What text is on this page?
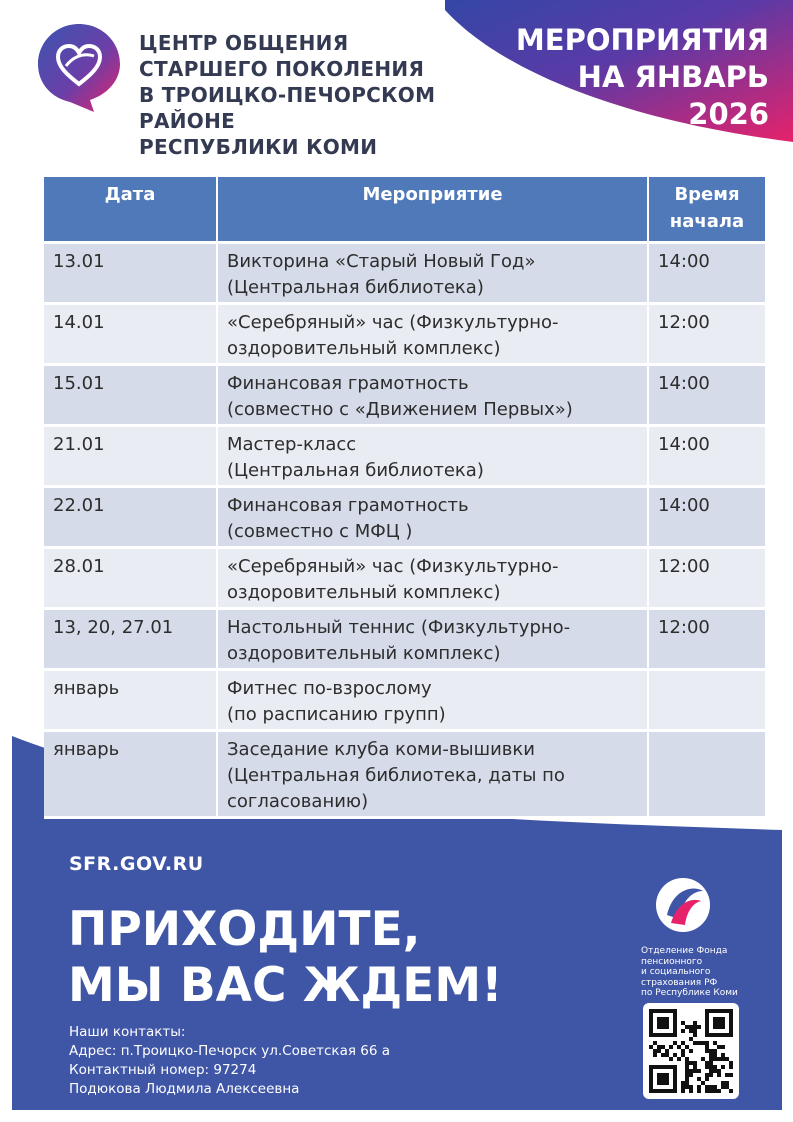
ЦЕНТР ОБЩЕНИЯ
СТАРШЕГО ПОКОЛЕНИЯ
В ТРОИЦКО-ПЕЧОРСКОМ
РАЙОНЕ
РЕСПУБЛИКИ КОМИ
МЕРОПРИЯТИЯ
НА ЯНВАРЬ
2026
Дата	Мероприятие	Время
начала

13.01	Викторина «Старый Новый Год»
(Центральная библиотека)	14:00
14.01	«Серебряный» час (Физкультурно-
оздоровительный комплекс)	12:00
15.01	Финансовая грамотность
(совместно с «Движением Первых»)	14:00
21.01	Мастер-класс
(Центральная библиотека)	14:00
22.01	Финансовая грамотность
(совместно с МФЦ )	14:00
28.01	«Серебряный» час (Физкультурно-
оздоровительный комплекс)	12:00
13, 20, 27.01	Настольный теннис (Физкультурно-
оздоровительный комплекс)	12:00
январь	Фитнес по-взрослому
(по расписанию групп)	

январь	Заседание клуба коми-вышивки
(Центральная библиотека, даты по
согласованию)	

SFR.GOV.RU
ПРИХОДИТЕ,
МЫ ВАС ЖДЕМ!
Наши контакты:
Адрес: п.Троицко-Печорск ул.Советская 66 а
Контактный номер: 97274
Подюкова Людмила Алексеевна
Отделение Фонда
пенсионного
и социального
страхования РФ
по Республике Коми
